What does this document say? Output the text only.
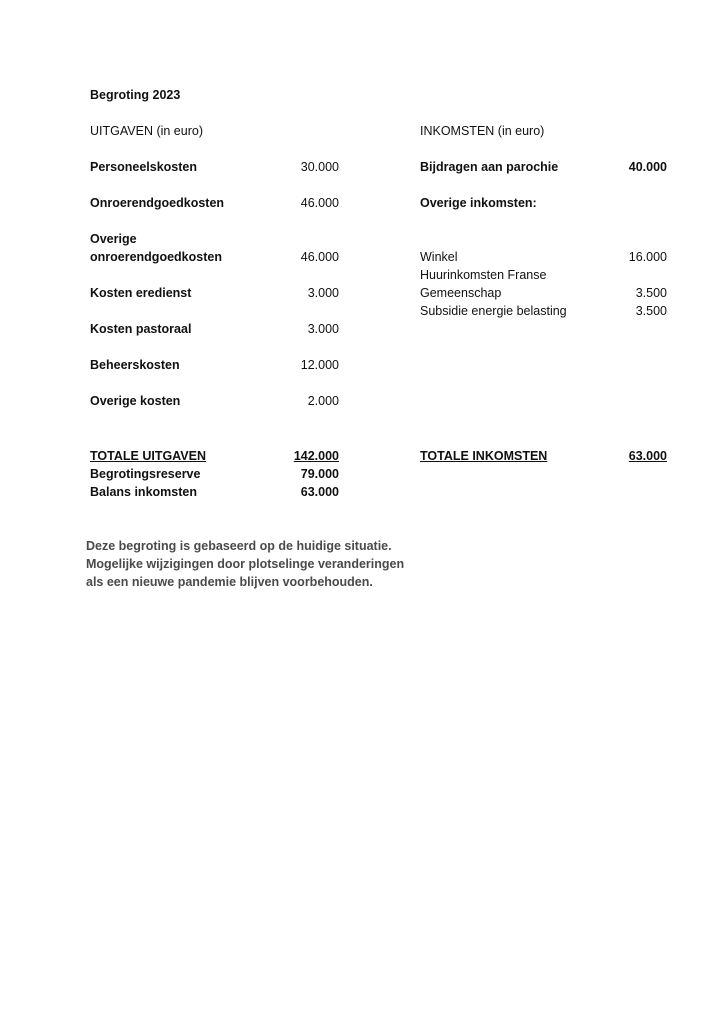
Begroting 2023
UITGAVEN (in euro)
Personeelskosten	30.000
Onroerendgoedkosten	46.000
Overige
onroerendgoedkosten	46.000
Kosten eredienst	3.000
Kosten pastoraal	3.000
Beheerskosten	12.000
Overige kosten	2.000
TOTALE UITGAVEN	142.000
Begrotingsreserve	79.000
Balans inkomsten	63.000
INKOMSTEN (in euro)
Bijdragen aan parochie	40.000
Overige inkomsten:
Winkel	16.000
Huurinkomsten Franse
Gemeenschap	3.500
Subsidie energie belasting	3.500
TOTALE INKOMSTEN	63.000
Deze begroting is gebaseerd op de huidige situatie.
Mogelijke wijzigingen door plotselinge veranderingen
als een nieuwe pandemie blijven voorbehouden.
